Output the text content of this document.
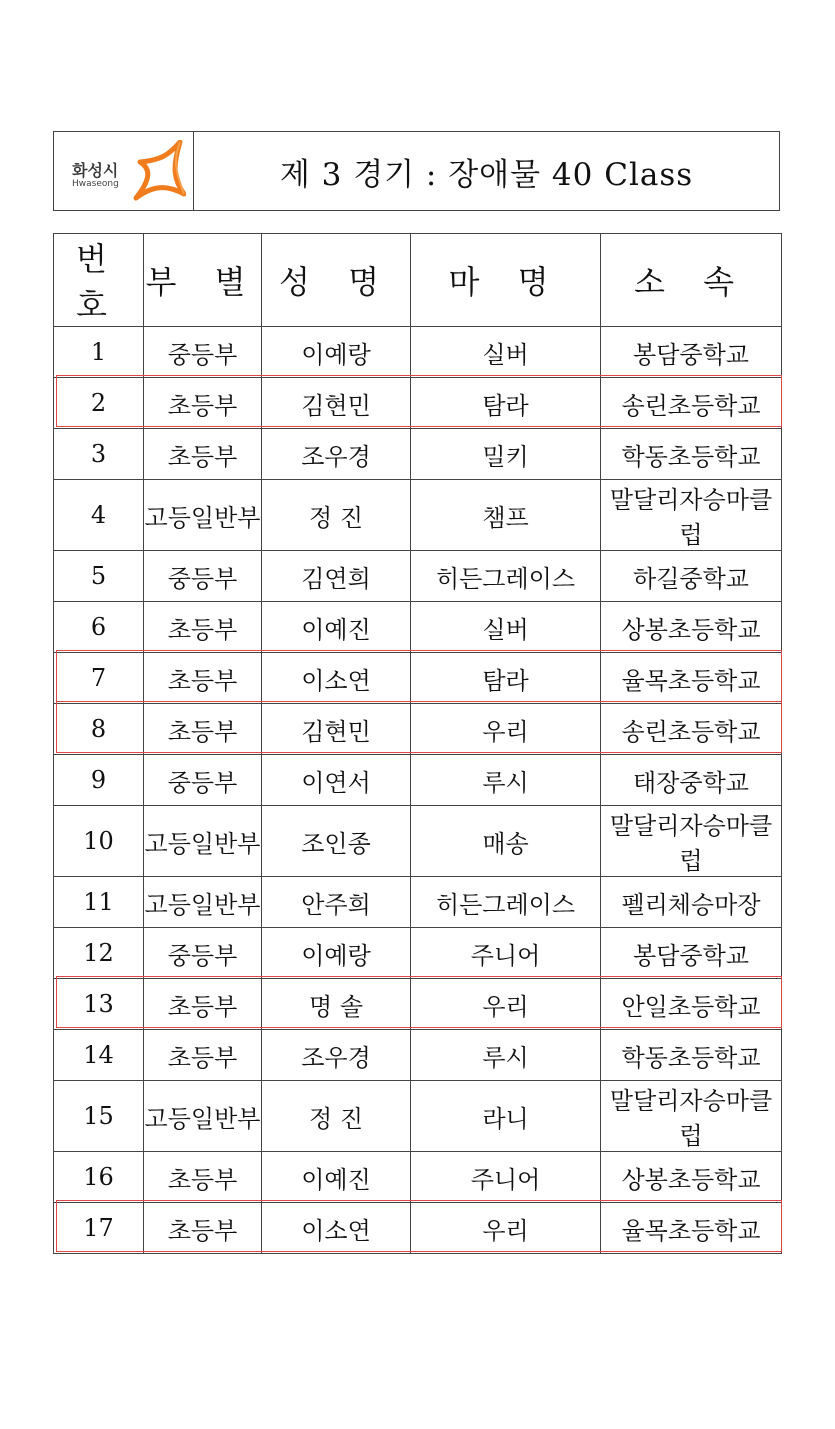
화성시
Hwaseong	제 3 경기 : 장애물 40 Class
번 호	부 별	성 명	마 명	소 속
1	중등부	이예랑	실버	봉담중학교
2	초등부	김현민	탐라	송린초등학교
3	초등부	조우경	밀키	학동초등학교
4	고등일반부	정 진	챔프	말달리자승마클럽
5	중등부	김연희	히든그레이스	하길중학교
6	초등부	이예진	실버	상봉초등학교
7	초등부	이소연	탐라	율목초등학교
8	초등부	김현민	우리	송린초등학교
9	중등부	이연서	루시	태장중학교
10	고등일반부	조인종	매송	말달리자승마클럽
11	고등일반부	안주희	히든그레이스	펠리체승마장
12	중등부	이예랑	주니어	봉담중학교
13	초등부	명 솔	우리	안일초등학교
14	초등부	조우경	루시	학동초등학교
15	고등일반부	정 진	라니	말달리자승마클럽
16	초등부	이예진	주니어	상봉초등학교
17	초등부	이소연	우리	율목초등학교
